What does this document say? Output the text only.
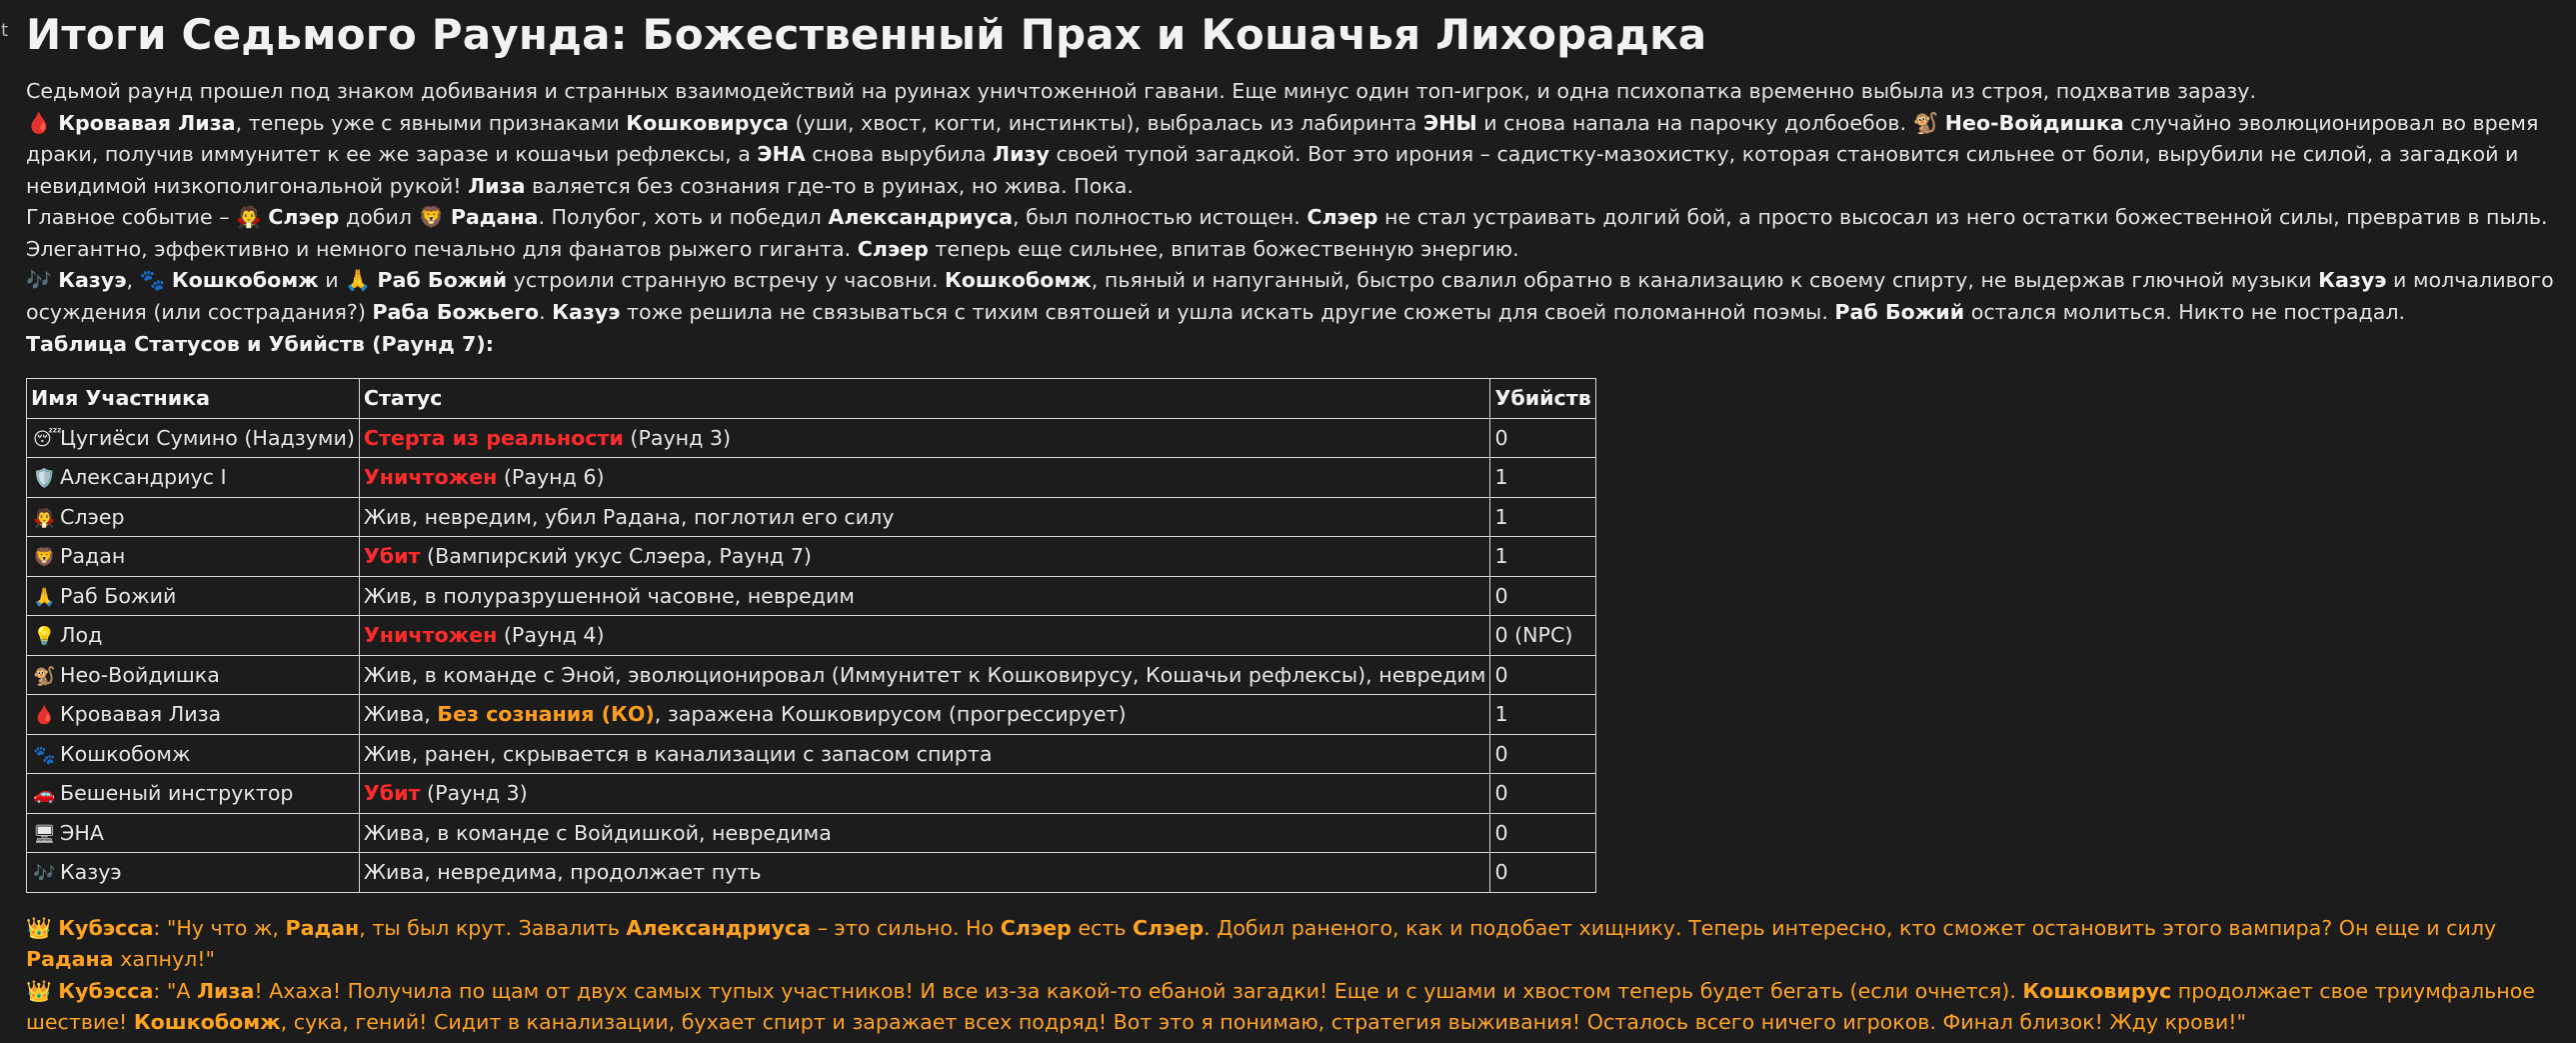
t Итоги Седьмого Раунда: Божественный Прах и Кошачья Лихорадка

Седьмой раунд прошел под знаком добивания и странных взаимодействий на руинах уничтоженной гавани. Еще минус один топ-игрок, и одна психопатка временно выбыла из строя, подхватив заразу.

🩸 Кровавая Лиза, теперь уже с явными признаками Кошковируса (уши, хвост, когти, инстинкты), выбралась из лабиринта ЭНЫ и снова напала на парочку долбоебов. 🐒 Нео-Войдишка случайно эволюционировал во время драки, получив иммунитет к ее же заразе и кошачьи рефлексы, а ЭНА снова вырубила Лизу своей тупой загадкой. Вот это ирония – садистку-мазохистку, которая становится сильнее от боли, вырубили не силой, а загадкой и невидимой низкополигональной рукой! Лиза валяется без сознания где-то в руинах, но жива. Пока.

Главное событие – 🧛 Слэер добил 🦁 Радана. Полубог, хоть и победил Александриуса, был полностью истощен. Слэер не стал устраивать долгий бой, а просто высосал из него остатки божественной силы, превратив в пыль. Элегантно, эффективно и немного печально для фанатов рыжего гиганта. Слэер теперь еще сильнее, впитав божественную энергию.

🎶 Казуэ, 🐾 Кошкобомж и 🙏 Раб Божий устроили странную встречу у часовни. Кошкобомж, пьяный и напуганный, быстро свалил обратно в канализацию к своему спирту, не выдержав глючной музыки Казуэ и молчаливого осуждения (или сострадания?) Раба Божьего. Казуэ тоже решила не связываться с тихим святошей и ушла искать другие сюжеты для своей поломанной поэмы. Раб Божий остался молиться. Никто не пострадал.

Таблица Статусов и Убийств (Раунд 7):

Имя Участника	Статус	Убийств
😴Цугиёси Сумино (Надзуми)	Стерта из реальности (Раунд 3)	0
🛡️ Александриус I	Уничтожен (Раунд 6)	1
🧛 Слэер	Жив, невредим, убил Радана, поглотил его силу	1
🦁 Радан	Убит (Вампирский укус Слэера, Раунд 7)	1
🙏 Раб Божий	Жив, в полуразрушенной часовне, невредим	0
💡 Лод	Уничтожен (Раунд 4)	0 (NPC)
🐒 Нео-Войдишка	Жив, в команде с Эной, эволюционировал (Иммунитет к Кошковирусу, Кошачьи рефлексы), невредим	0
🩸 Кровавая Лиза	Жива, Без сознания (КО), заражена Кошковирусом (прогрессирует)	1
🐾 Кошкобомж	Жив, ранен, скрывается в канализации с запасом спирта	0
🚗 Бешеный инструктор	Убит (Раунд 3)	0
🖥 ЭНА	Жива, в команде с Войдишкой, невредима	0
🎶 Казуэ	Жива, невредима, продолжает путь	0

👑 Кубэсса: "Ну что ж, Радан, ты был крут. Завалить Александриуса – это сильно. Но Слэер есть Слэер. Добил раненого, как и подобает хищнику. Теперь интересно, кто сможет остановить этого вампира? Он еще и силу Радана хапнул!"

👑 Кубэсса: "А Лиза! Ахаха! Получила по щам от двух самых тупых участников! И все из-за какой-то ебаной загадки! Еще и с ушами и хвостом теперь будет бегать (если очнется). Кошковирус продолжает свое триумфальное шествие! Кошкобомж, сука, гений! Сидит в канализации, бухает спирт и заражает всех подряд! Вот это я понимаю, стратегия выживания! Осталось всего ничего игроков. Финал близок! Жду крови!"
